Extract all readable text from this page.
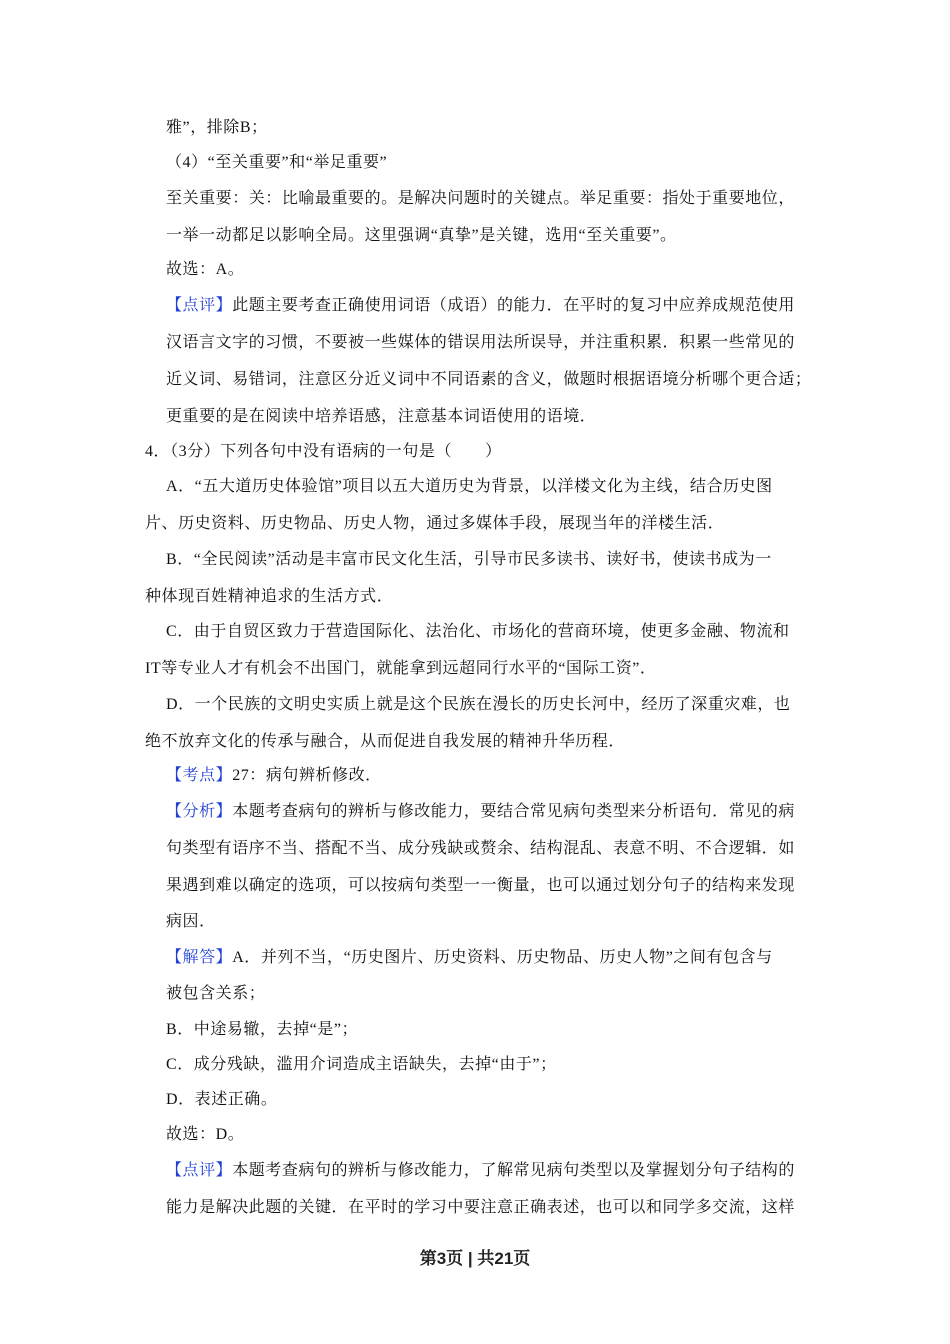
雅”，排除B；
（4）“至关重要”和“举足重要”
至关重要：关：比喻最重要的。是解决问题时的关键点。举足重要：指处于重要地位，
一举一动都足以影响全局。这里强调“真挚”是关键，选用“至关重要”。
故选：A。
【点评】此题主要考查正确使用词语（成语）的能力．在平时的复习中应养成规范使用
汉语言文字的习惯，不要被一些媒体的错误用法所误导，并注重积累．积累一些常见的
近义词、易错词，注意区分近义词中不同语素的含义，做题时根据语境分析哪个更合适；
更重要的是在阅读中培养语感，注意基本词语使用的语境．
4．（3分）下列各句中没有语病的一句是（　　）
A．“五大道历史体验馆”项目以五大道历史为背景，以洋楼文化为主线，结合历史图
片、历史资料、历史物品、历史人物，通过多媒体手段，展现当年的洋楼生活．
B．“全民阅读”活动是丰富市民文化生活，引导市民多读书、读好书，使读书成为一
种体现百姓精神追求的生活方式．
C．由于自贸区致力于营造国际化、法治化、市场化的营商环境，使更多金融、物流和
IT等专业人才有机会不出国门，就能拿到远超同行水平的“国际工资”．
D．一个民族的文明史实质上就是这个民族在漫长的历史长河中，经历了深重灾难，也
绝不放弃文化的传承与融合，从而促进自我发展的精神升华历程．
【考点】27：病句辨析修改．
【分析】本题考查病句的辨析与修改能力，要结合常见病句类型来分析语句．常见的病
句类型有语序不当、搭配不当、成分残缺或赘余、结构混乱、表意不明、不合逻辑．如
果遇到难以确定的选项，可以按病句类型一一衡量，也可以通过划分句子的结构来发现
病因．
【解答】A．并列不当，“历史图片、历史资料、历史物品、历史人物”之间有包含与
被包含关系；
B．中途易辙，去掉“是”；
C．成分残缺，滥用介词造成主语缺失，去掉“由于”；
D．表述正确。
故选：D。
【点评】本题考查病句的辨析与修改能力，了解常见病句类型以及掌握划分句子结构的
能力是解决此题的关键．在平时的学习中要注意正确表述，也可以和同学多交流，这样
第3页 | 共21页
